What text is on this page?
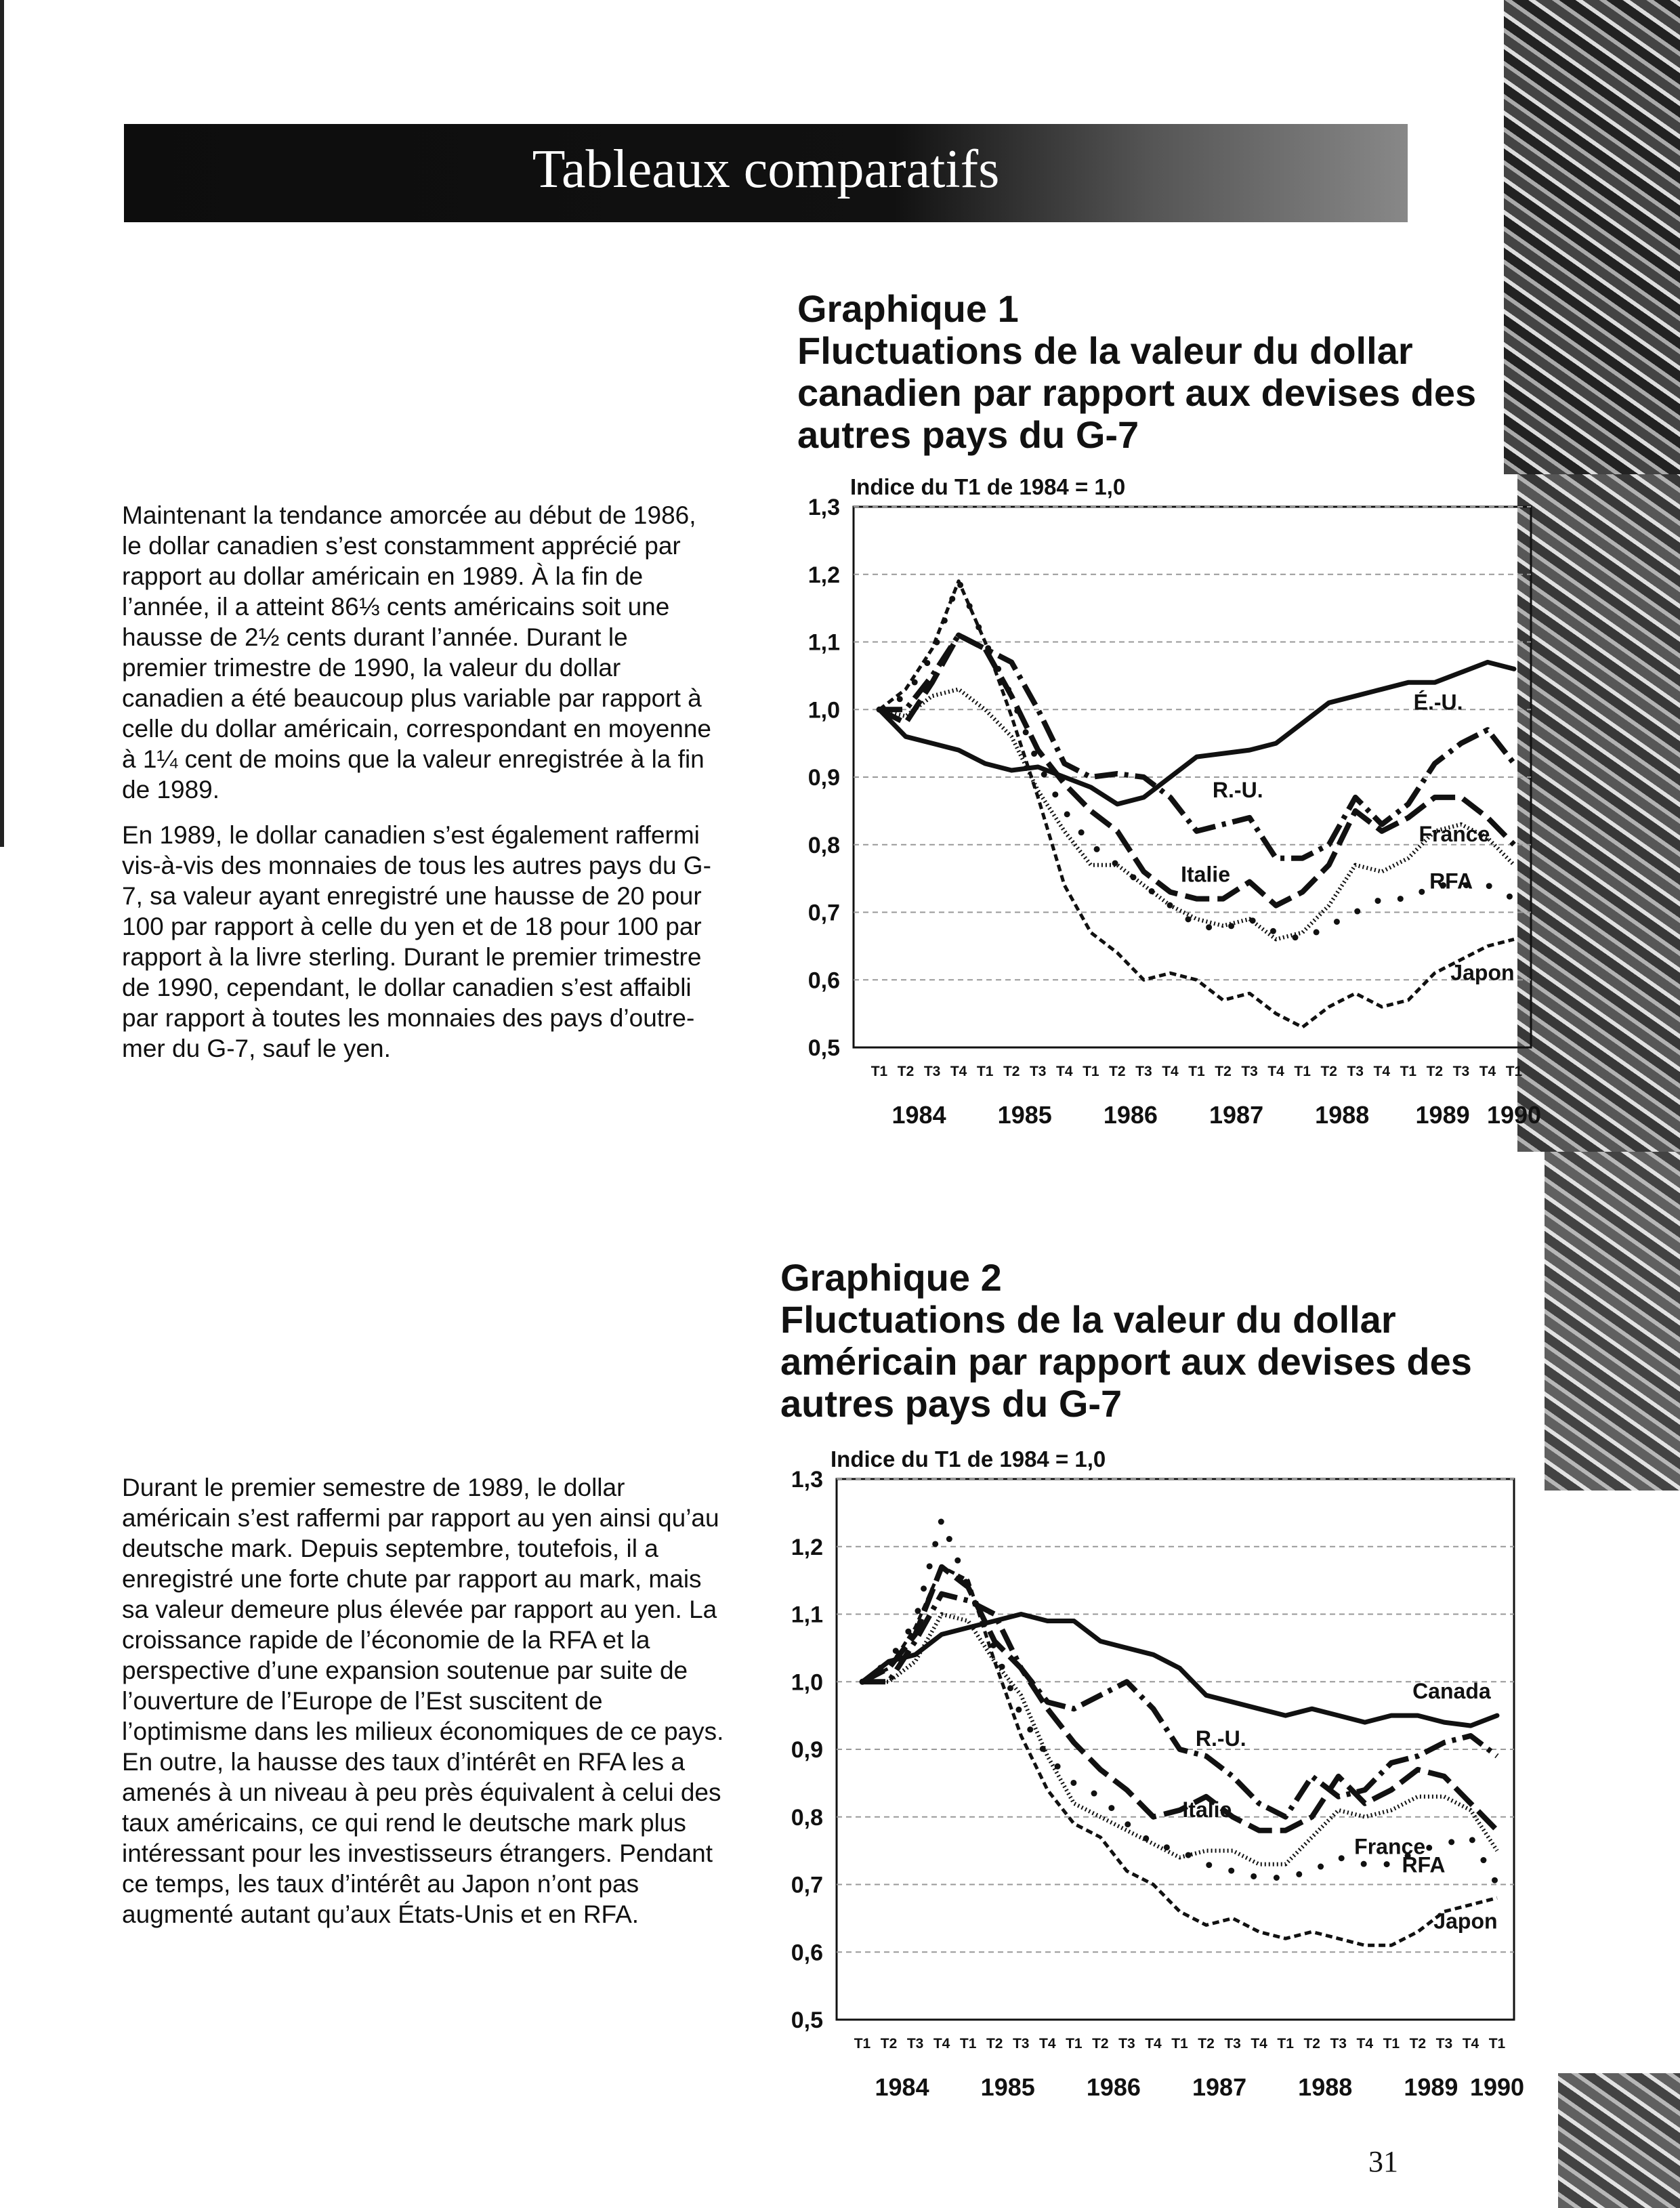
Tableaux comparatifs
Graphique 1
Fluctuations de la valeur du dollar
canadien par rapport aux devises des
autres pays du G-7

Maintenant la tendance amorcée au début de 1986, le dollar canadien s’est constamment apprécié par rapport au dollar américain en 1989. À la fin de l’année, il a atteint 86⅓ cents américains soit une hausse de 2½ cents durant l’année. Durant le premier trimestre de 1990, la valeur du dollar canadien a été beaucoup plus variable par rapport à celle du dollar américain, correspondant en moyenne à 1¼ cent de moins que la valeur enregistrée à la fin de 1989.

En 1989, le dollar canadien s’est également raffermi vis-à-vis des monnaies de tous les autres pays du G-7, sa valeur ayant enregistré une hausse de 20 pour 100 par rapport à celle du yen et de 18 pour 100 par rapport à la livre sterling. Durant le premier trimestre de 1990, cependant, le dollar canadien s’est affaibli par rapport à toutes les monnaies des pays d’outre-mer du G-7, sauf le yen.

Indice du T1 de 1984 = 1,0
0,5
0,6
0,7
0,8
0,9
1,0
1,1
1,2
1,3
T1 T2 T3 T4 T1 T2 T3 T4 T1 T2 T3 T4 T1 T2 T3 T4 T1 T2 T3 T4 T1 T2 T3 T4 T1
1984 1985 1986 1987 1988 1989 1990
É.-U.
R.-U.
Italie
France
RFA
Japon
Graphique 2
Fluctuations de la valeur du dollar
américain par rapport aux devises des
autres pays du G-7

Durant le premier semestre de 1989, le dollar américain s’est raffermi par rapport au yen ainsi qu’au deutsche mark. Depuis septembre, toutefois, il a enregistré une forte chute par rapport au mark, mais sa valeur demeure plus élevée par rapport au yen. La croissance rapide de l’économie de la RFA et la perspective d’une expansion soutenue par suite de l’ouverture de l’Europe de l’Est suscitent de l’optimisme dans les milieux économiques de ce pays. En outre, la hausse des taux d’intérêt en RFA les a amenés à un niveau à peu près équivalent à celui des taux américains, ce qui rend le deutsche mark plus intéressant pour les investisseurs étrangers. Pendant ce temps, les taux d’intérêt au Japon n’ont pas augmenté autant qu’aux États-Unis et en RFA.

Indice du T1 de 1984 = 1,0
0,5
0,6
0,7
0,8
0,9
1,0
1,1
1,2
1,3
T1 T2 T3 T4 T1 T2 T3 T4 T1 T2 T3 T4 T1 T2 T3 T4 T1 T2 T3 T4 T1 T2 T3 T4 T1
1984 1985 1986 1987 1988 1989 1990
Canada
R.-U.
Italie
France
RFA
Japon
31
